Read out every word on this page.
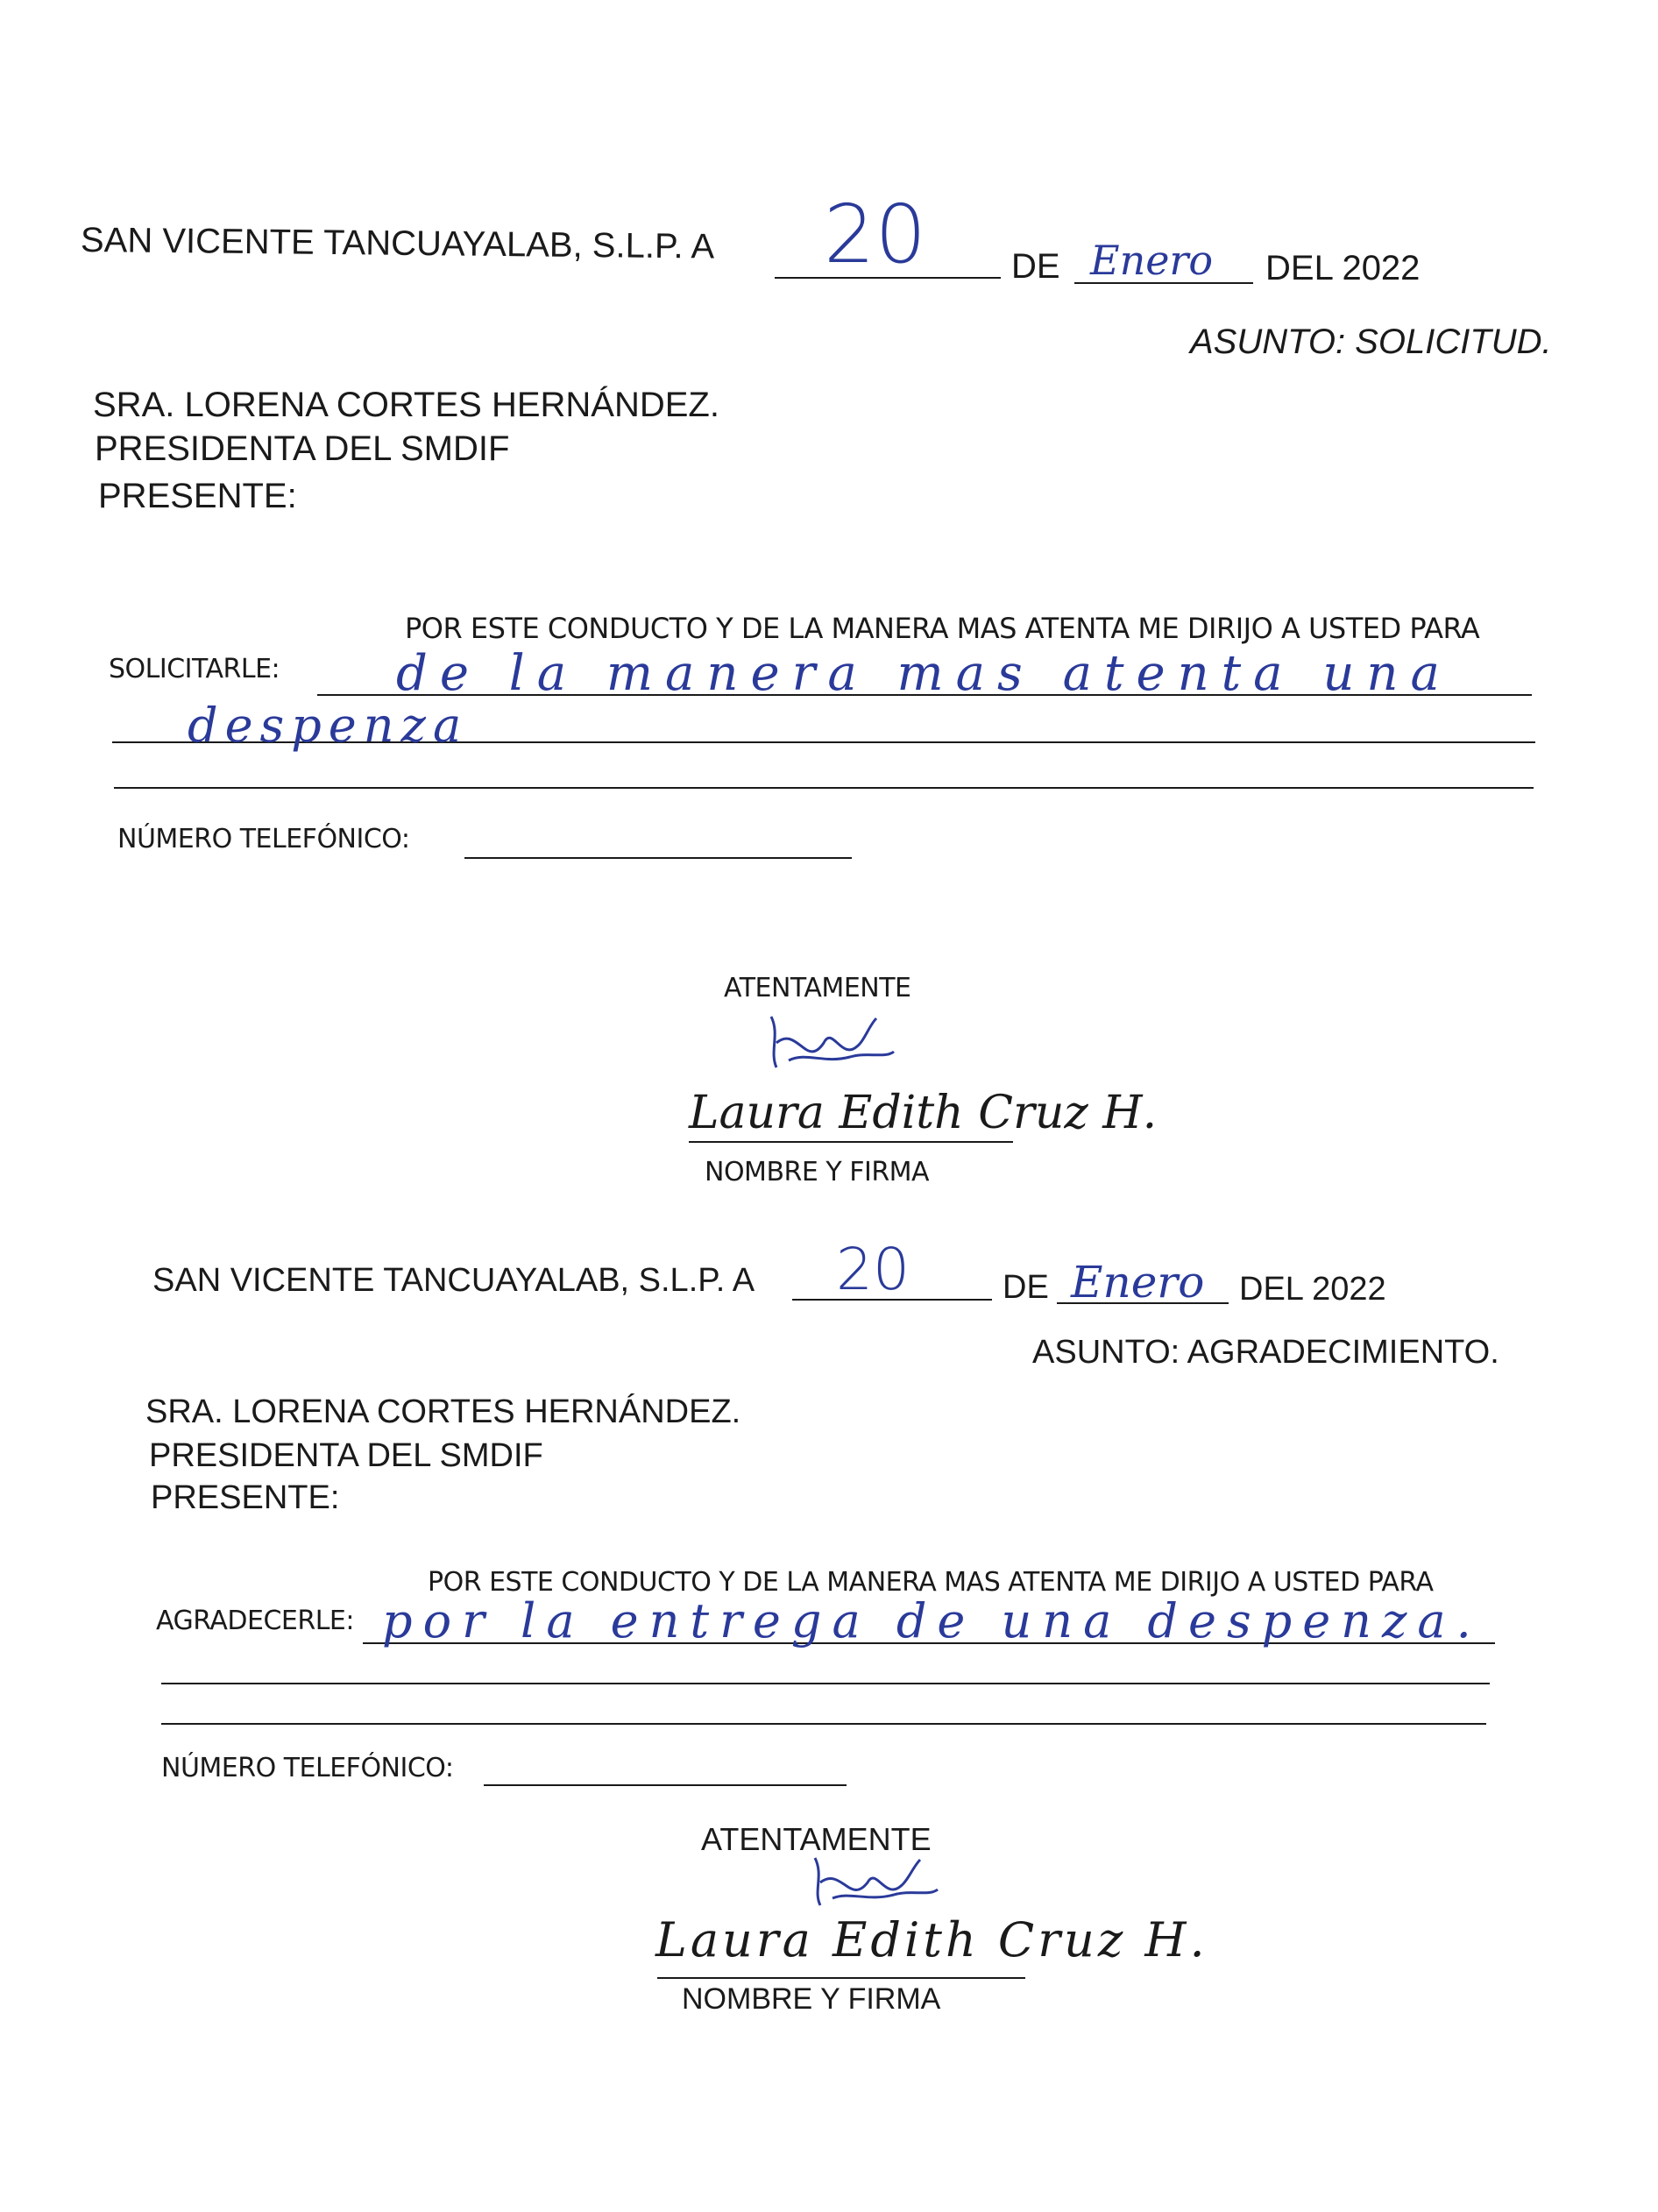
SAN VICENTE TANCUAYALAB, S.L.P. A 20 DE Enero DEL 2022
ASUNTO: SOLICITUD.
SRA. LORENA CORTES HERNÁNDEZ.
PRESIDENTA DEL SMDIF
PRESENTE:
POR ESTE CONDUCTO Y DE LA MANERA MAS ATENTA ME DIRIJO A USTED PARA
SOLICITARLE: de la manera mas atenta una
despenza
NÚMERO TELEFÓNICO:
ATENTAMENTE
Laura Edith Cruz H.
NOMBRE Y FIRMA
SAN VICENTE TANCUAYALAB, S.L.P. A 20	DE Enero DEL 2022
ASUNTO: AGRADECIMIENTO.
SRA. LORENA CORTES HERNÁNDEZ.
PRESIDENTA DEL SMDIF
PRESENTE:
POR ESTE CONDUCTO Y DE LA MANERA MAS ATENTA ME DIRIJO A USTED PARA
AGRADECERLE: por la entrega de una despenza.
NÚMERO TELEFÓNICO:
ATENTAMENTE
Laura Edith Cruz H.
NOMBRE Y FIRMA
